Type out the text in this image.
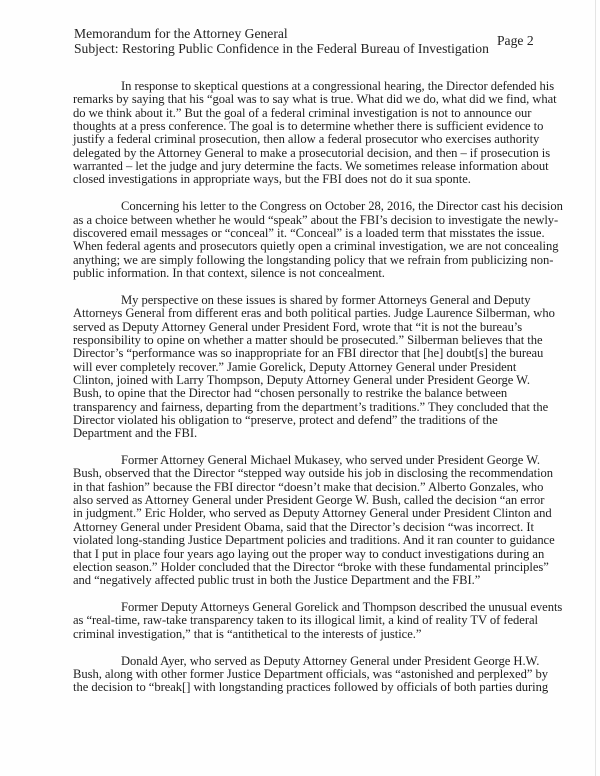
Memorandum for the Attorney General
Subject: Restoring Public Confidence in the Federal Bureau of Investigation
Page 2

In response to skeptical questions at a congressional hearing, the Director defended his
remarks by saying that his “goal was to say what is true. What did we do, what did we find, what
do we think about it.” But the goal of a federal criminal investigation is not to announce our
thoughts at a press conference. The goal is to determine whether there is sufficient evidence to
justify a federal criminal prosecution, then allow a federal prosecutor who exercises authority
delegated by the Attorney General to make a prosecutorial decision, and then – if prosecution is
warranted – let the judge and jury determine the facts. We sometimes release information about
closed investigations in appropriate ways, but the FBI does not do it sua sponte.

Concerning his letter to the Congress on October 28, 2016, the Director cast his decision
as a choice between whether he would “speak” about the FBI’s decision to investigate the newly-
discovered email messages or “conceal” it. “Conceal” is a loaded term that misstates the issue.
When federal agents and prosecutors quietly open a criminal investigation, we are not concealing
anything; we are simply following the longstanding policy that we refrain from publicizing non-
public information. In that context, silence is not concealment.

My perspective on these issues is shared by former Attorneys General and Deputy
Attorneys General from different eras and both political parties. Judge Laurence Silberman, who
served as Deputy Attorney General under President Ford, wrote that “it is not the bureau’s
responsibility to opine on whether a matter should be prosecuted.” Silberman believes that the
Director’s “performance was so inappropriate for an FBI director that [he] doubt[s] the bureau
will ever completely recover.” Jamie Gorelick, Deputy Attorney General under President
Clinton, joined with Larry Thompson, Deputy Attorney General under President George W.
Bush, to opine that the Director had “chosen personally to restrike the balance between
transparency and fairness, departing from the department’s traditions.” They concluded that the
Director violated his obligation to “preserve, protect and defend” the traditions of the
Department and the FBI.

Former Attorney General Michael Mukasey, who served under President George W.
Bush, observed that the Director “stepped way outside his job in disclosing the recommendation
in that fashion” because the FBI director “doesn’t make that decision.” Alberto Gonzales, who
also served as Attorney General under President George W. Bush, called the decision “an error
in judgment.” Eric Holder, who served as Deputy Attorney General under President Clinton and
Attorney General under President Obama, said that the Director’s decision “was incorrect. It
violated long-standing Justice Department policies and traditions. And it ran counter to guidance
that I put in place four years ago laying out the proper way to conduct investigations during an
election season.” Holder concluded that the Director “broke with these fundamental principles”
and “negatively affected public trust in both the Justice Department and the FBI.”

Former Deputy Attorneys General Gorelick and Thompson described the unusual events
as “real-time, raw-take transparency taken to its illogical limit, a kind of reality TV of federal
criminal investigation,” that is “antithetical to the interests of justice.”

Donald Ayer, who served as Deputy Attorney General under President George H.W.
Bush, along with other former Justice Department officials, was “astonished and perplexed” by
the decision to “break[] with longstanding practices followed by officials of both parties during
